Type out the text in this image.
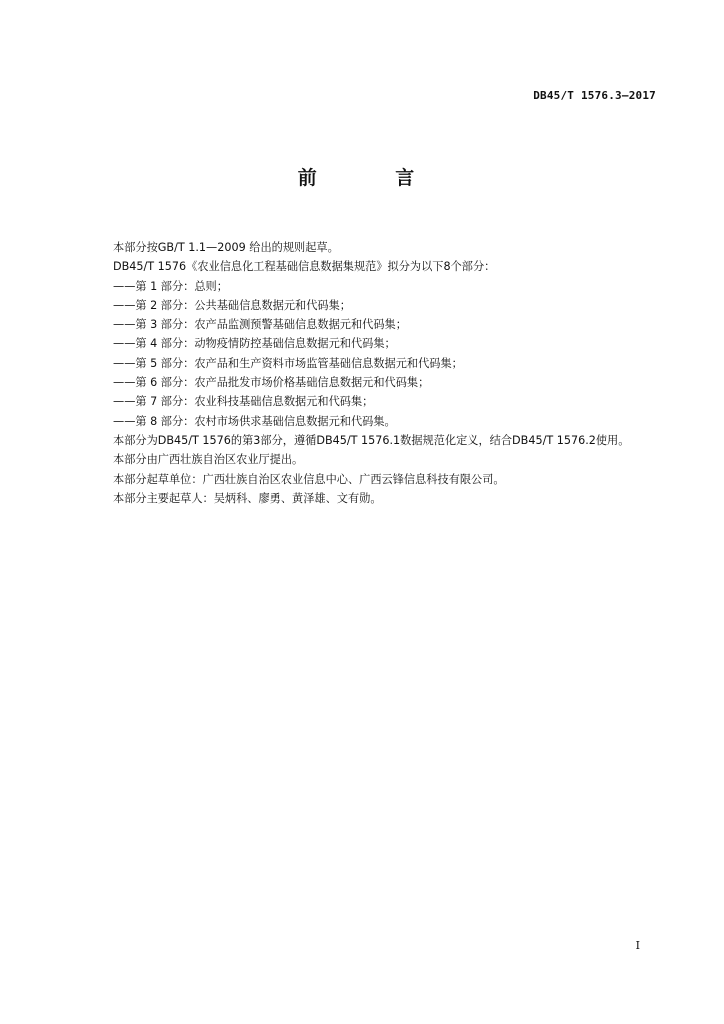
DB45/T 1576.3—2017
前 言
本部分按GB/T 1.1—2009 给出的规则起草。
DB45/T 1576《农业信息化工程基础信息数据集规范》拟分为以下8个部分：
——第 1 部分：总则；
——第 2 部分：公共基础信息数据元和代码集；
——第 3 部分：农产品监测预警基础信息数据元和代码集；
——第 4 部分：动物疫情防控基础信息数据元和代码集；
——第 5 部分：农产品和生产资料市场监管基础信息数据元和代码集；
——第 6 部分：农产品批发市场价格基础信息数据元和代码集；
——第 7 部分：农业科技基础信息数据元和代码集；
——第 8 部分：农村市场供求基础信息数据元和代码集。
本部分为DB45/T 1576的第3部分，遵循DB45/T 1576.1数据规范化定义，结合DB45/T 1576.2使用。
本部分由广西壮族自治区农业厅提出。
本部分起草单位：广西壮族自治区农业信息中心、广西云锋信息科技有限公司。
本部分主要起草人：吴炳科、廖勇、黄泽雄、文有勋。
I
